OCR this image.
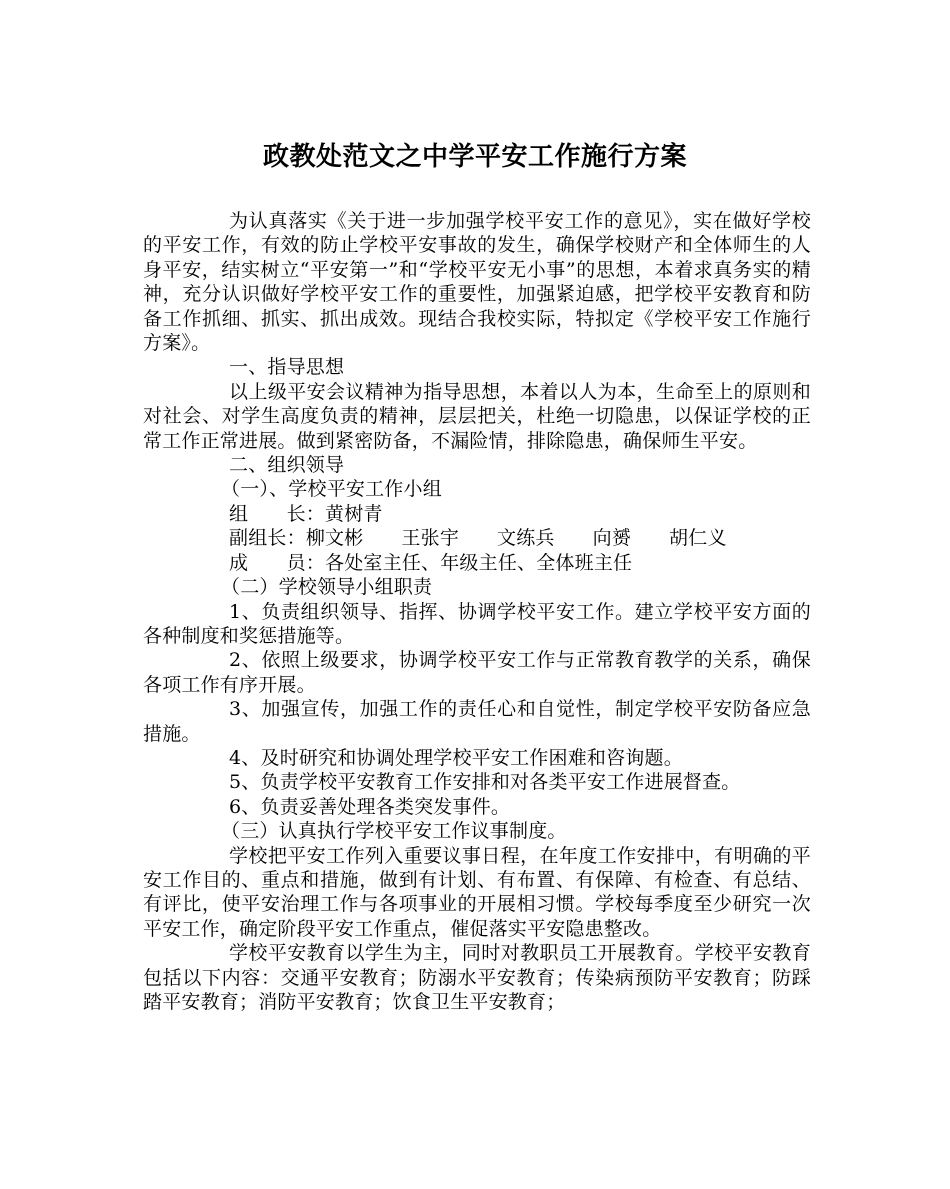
政教处范文之中学平安工作施行方案

为认真落实《关于进一步加强学校平安工作的意见》，实在做好学校的平安工作，有效的防止学校平安事故的发生，确保学校财产和全体师生的人身平安，结实树立“平安第一”和“学校平安无小事”的思想，本着求真务实的精神，充分认识做好学校平安工作的重要性，加强紧迫感，把学校平安教育和防备工作抓细、抓实、抓出成效。现结合我校实际，特拟定《学校平安工作施行方案》。

一、指导思想

以上级平安会议精神为指导思想，本着以人为本，生命至上的原则和对社会、对学生高度负责的精神，层层把关，杜绝一切隐患，以保证学校的正常工作正常进展。做到紧密防备，不漏险情，排除隐患，确保师生平安。

二、组织领导

（一）、学校平安工作小组

组　　长：黄树青

副组长：柳文彬 王张宇 文练兵 向赟 胡仁义

成　　员：各处室主任、年级主任、全体班主任

（二）学校领导小组职责

1、负责组织领导、指挥、协调学校平安工作。建立学校平安方面的各种制度和奖惩措施等。

2、依照上级要求，协调学校平安工作与正常教育教学的关系，确保各项工作有序开展。

3、加强宣传，加强工作的责任心和自觉性，制定学校平安防备应急措施。

4、及时研究和协调处理学校平安工作困难和咨询题。

5、负责学校平安教育工作安排和对各类平安工作进展督查。

6、负责妥善处理各类突发事件。

（三）认真执行学校平安工作议事制度。

学校把平安工作列入重要议事日程，在年度工作安排中，有明确的平安工作目的、重点和措施，做到有计划、有布置、有保障、有检查、有总结、有评比，使平安治理工作与各项事业的开展相习惯。学校每季度至少研究一次平安工作，确定阶段平安工作重点，催促落实平安隐患整改。

学校平安教育以学生为主，同时对教职员工开展教育。学校平安教育包括以下内容：交通平安教育；防溺水平安教育；传染病预防平安教育；防踩踏平安教育；消防平安教育；饮食卫生平安教育；
